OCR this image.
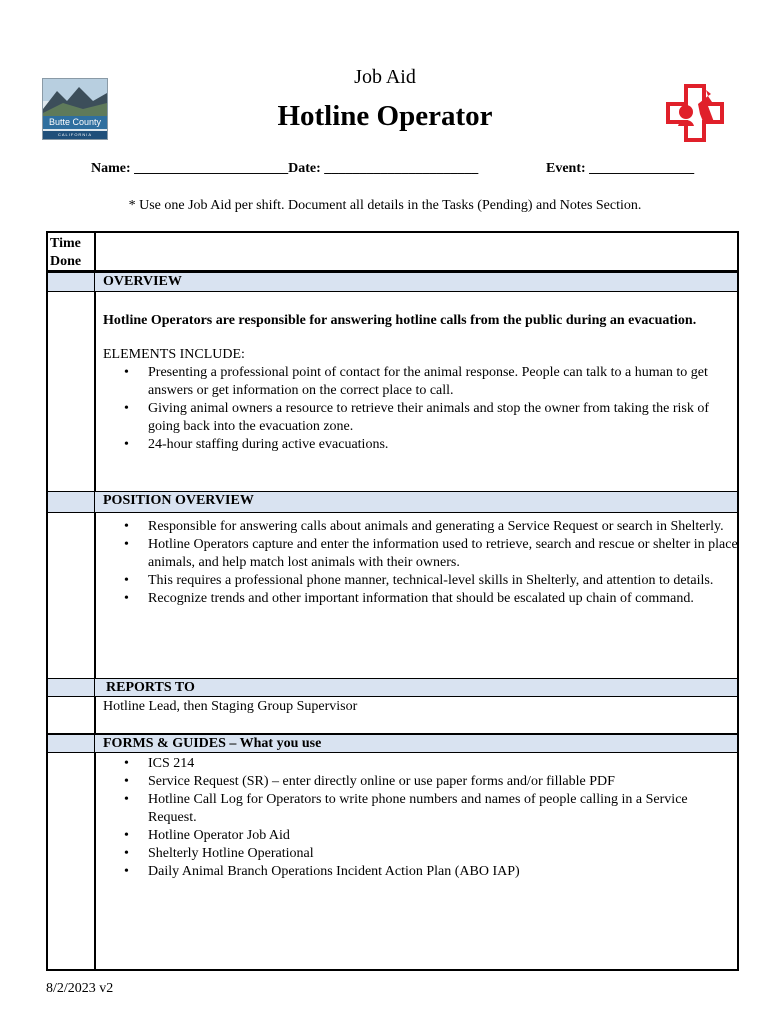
Butte County
CALIFORNIA
Job Aid
Hotline Operator
Name: ______________________Date: ______________________	Event: _______________
* Use one Job Aid per shift. Document all details in the Tasks (Pending) and Notes Section.
Time
Done
OVERVIEW
Hotline Operators are responsible for answering hotline calls from the public during an evacuation.
ELEMENTS INCLUDE:
• Presenting a professional point of contact for the animal response. People can talk to a human to get answers or get information on the correct place to call.
• Giving animal owners a resource to retrieve their animals and stop the owner from taking the risk of going back into the evacuation zone.
• 24-hour staffing during active evacuations.
POSITION OVERVIEW
• Responsible for answering calls about animals and generating a Service Request or search in Shelterly.
• Hotline Operators capture and enter the information used to retrieve, search and rescue or shelter in place animals, and help match lost animals with their owners.
• This requires a professional phone manner, technical-level skills in Shelterly, and attention to details.
• Recognize trends and other important information that should be escalated up chain of command.
REPORTS TO
Hotline Lead, then Staging Group Supervisor
FORMS & GUIDES – What you use
• ICS 214
• Service Request (SR) – enter directly online or use paper forms and/or fillable PDF
• Hotline Call Log for Operators to write phone numbers and names of people calling in a Service Request.
• Hotline Operator Job Aid
• Shelterly Hotline Operational
• Daily Animal Branch Operations Incident Action Plan (ABO IAP)
8/2/2023 v2
